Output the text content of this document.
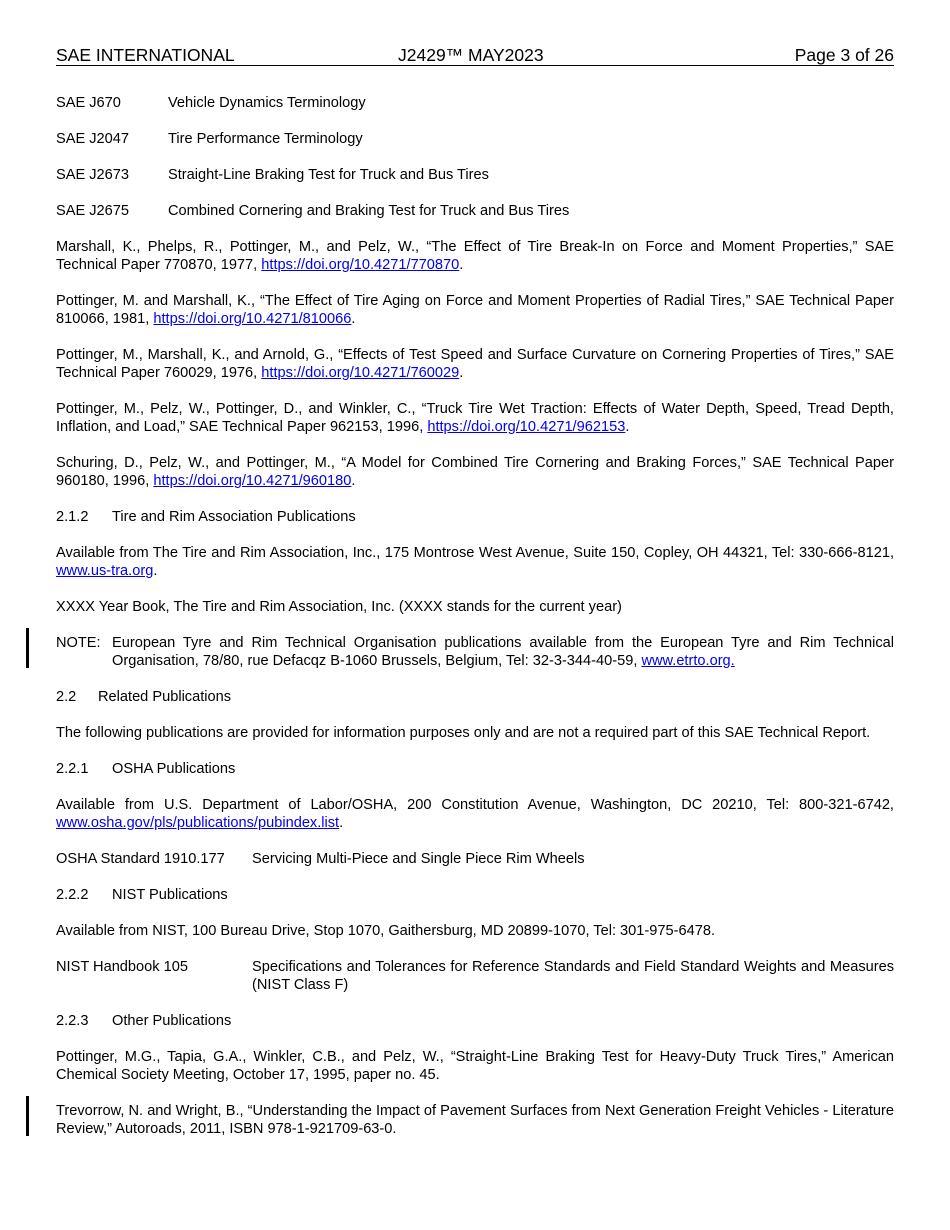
SAE INTERNATIONAL	J2429™ MAY2023	Page 3 of 26
SAE J670	Vehicle Dynamics Terminology
SAE J2047	Tire Performance Terminology
SAE J2673	Straight-Line Braking Test for Truck and Bus Tires
SAE J2675	Combined Cornering and Braking Test for Truck and Bus Tires
Marshall, K., Phelps, R., Pottinger, M., and Pelz, W., “The Effect of Tire Break-In on Force and Moment Properties,” SAE Technical Paper 770870, 1977, https://doi.org/10.4271/770870.
Pottinger, M. and Marshall, K., “The Effect of Tire Aging on Force and Moment Properties of Radial Tires,” SAE Technical Paper 810066, 1981, https://doi.org/10.4271/810066.
Pottinger, M., Marshall, K., and Arnold, G., “Effects of Test Speed and Surface Curvature on Cornering Properties of Tires,” SAE Technical Paper 760029, 1976, https://doi.org/10.4271/760029.
Pottinger, M., Pelz, W., Pottinger, D., and Winkler, C., “Truck Tire Wet Traction: Effects of Water Depth, Speed, Tread Depth, Inflation, and Load,” SAE Technical Paper 962153, 1996, https://doi.org/10.4271/962153.
Schuring, D., Pelz, W., and Pottinger, M., “A Model for Combined Tire Cornering and Braking Forces,” SAE Technical Paper 960180, 1996, https://doi.org/10.4271/960180.
2.1.2	Tire and Rim Association Publications
Available from The Tire and Rim Association, Inc., 175 Montrose West Avenue, Suite 150, Copley, OH 44321, Tel: 330-666-8121, www.us-tra.org.
XXXX Year Book, The Tire and Rim Association, Inc. (XXXX stands for the current year)
NOTE: European Tyre and Rim Technical Organisation publications available from the European Tyre and Rim Technical Organisation, 78/80, rue Defacqz B-1060 Brussels, Belgium, Tel: 32-3-344-40-59, www.etrto.org.
2.2	Related Publications
The following publications are provided for information purposes only and are not a required part of this SAE Technical Report.
2.2.1	OSHA Publications
Available from U.S. Department of Labor/OSHA, 200 Constitution Avenue, Washington, DC 20210, Tel: 800-321-6742, www.osha.gov/pls/publications/pubindex.list.
OSHA Standard 1910.177	Servicing Multi-Piece and Single Piece Rim Wheels
2.2.2	NIST Publications
Available from NIST, 100 Bureau Drive, Stop 1070, Gaithersburg, MD 20899-1070, Tel: 301-975-6478.
NIST Handbook 105	Specifications and Tolerances for Reference Standards and Field Standard Weights and Measures (NIST Class F)
2.2.3	Other Publications
Pottinger, M.G., Tapia, G.A., Winkler, C.B., and Pelz, W., “Straight-Line Braking Test for Heavy-Duty Truck Tires,” American Chemical Society Meeting, October 17, 1995, paper no. 45.
Trevorrow, N. and Wright, B., “Understanding the Impact of Pavement Surfaces from Next Generation Freight Vehicles - Literature Review,” Autoroads, 2011, ISBN 978-1-921709-63-0.
